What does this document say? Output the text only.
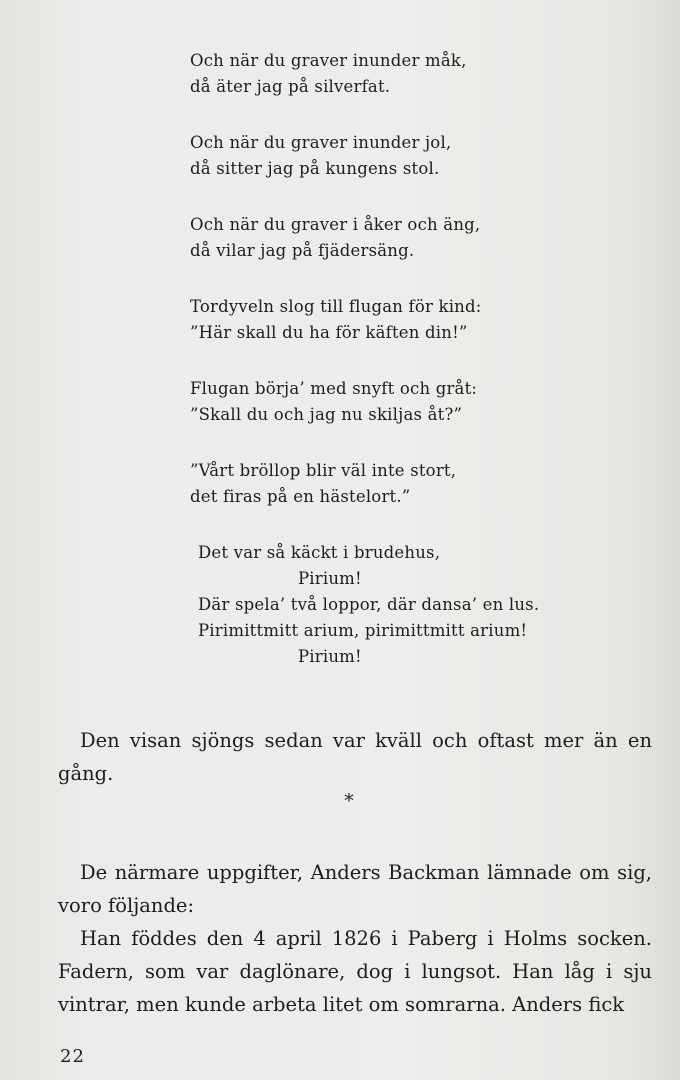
Och när du graver inunder måk,
då äter jag på silverfat.
Och när du graver inunder jol,
då sitter jag på kungens stol.
Och när du graver i åker och äng,
då vilar jag på fjädersäng.
Tordyveln slog till flugan för kind:
”Här skall du ha för käften din!”
Flugan börja’ med snyft och gråt:
”Skall du och jag nu skiljas åt?”
”Vårt bröllop blir väl inte stort,
det firas på en hästelort.”
Det var så käckt i brudehus,
Pirium!
Där spela’ två loppor, där dansa’ en lus.
Pirimittmitt arium, pirimittmitt arium!
Pirium!

Den visan sjöngs sedan var kväll och oftast mer än en gång.

*

De närmare uppgifter, Anders Backman lämnade om sig, voro följande:

Han föddes den 4 april 1826 i Paberg i Holms socken. Fadern, som var daglönare, dog i lungsot. Han låg i sju vintrar, men kunde arbeta litet om somrarna. Anders fick

22
